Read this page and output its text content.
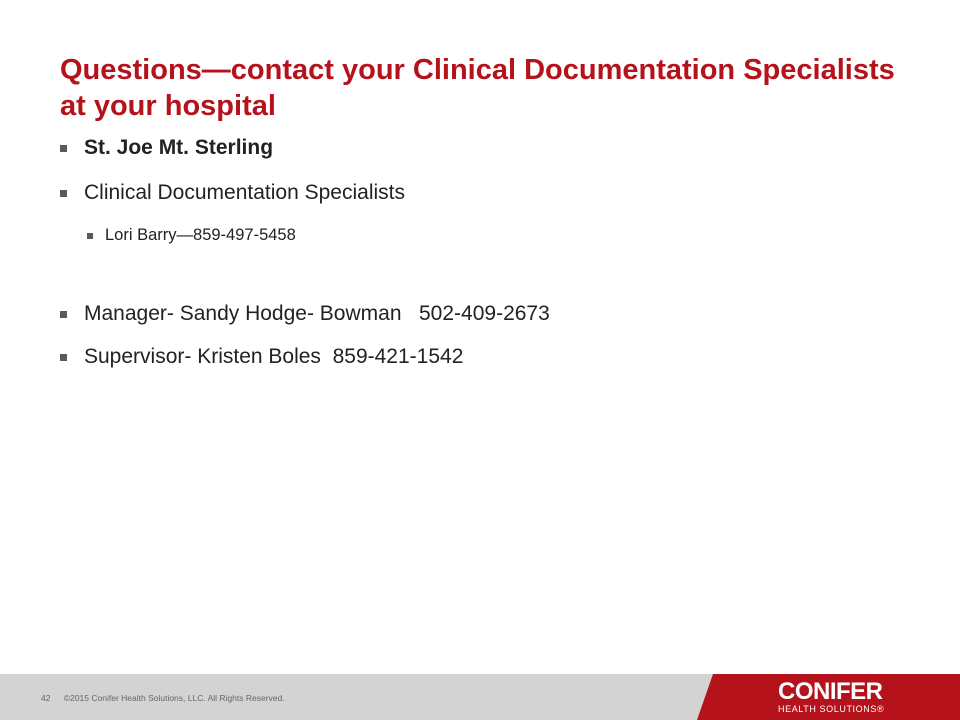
Questions—contact your Clinical Documentation Specialists at your hospital
St. Joe Mt. Sterling
Clinical Documentation Specialists
Lori Barry—859-497-5458
Manager- Sandy Hodge- Bowman   502-409-2673
Supervisor- Kristen Boles  859-421-1542
42 ©2015 Conifer Health Solutions, LLC. All Rights Reserved.	CONIFER
HEALTH SOLUTIONS®
